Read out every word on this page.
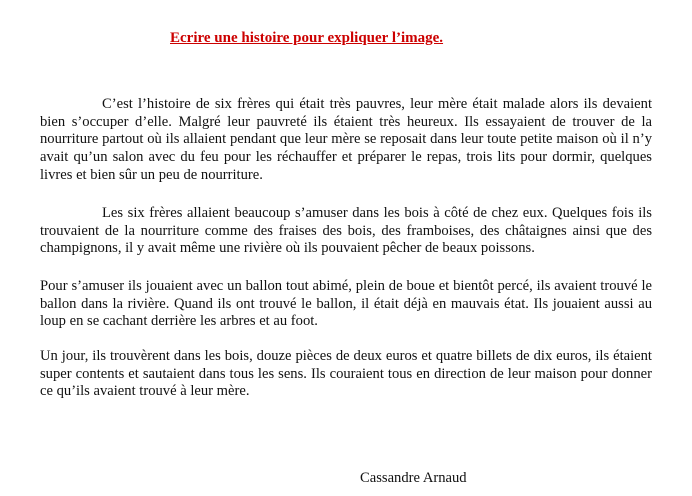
Ecrire une histoire pour expliquer l’image.

C’est l’histoire de six frères qui était très pauvres, leur mère était malade alors ils devaient bien s’occuper d’elle. Malgré leur pauvreté ils étaient très heureux. Ils essayaient de trouver de la nourriture partout où ils allaient pendant que leur mère se reposait dans leur toute petite maison où il n’y avait qu’un salon avec du feu pour les réchauffer et préparer le repas, trois lits pour dormir, quelques livres et bien sûr un peu de nourriture.

Les six frères allaient beaucoup s’amuser dans les bois à côté de chez eux. Quelques fois ils trouvaient de la nourriture comme des fraises des bois, des framboises, des châtaignes ainsi que des champignons, il y avait même une rivière où ils pouvaient pêcher de beaux poissons.

Pour s’amuser ils jouaient avec un ballon tout abimé, plein de boue et bientôt percé, ils avaient trouvé le ballon dans la rivière. Quand ils ont trouvé le ballon, il était déjà en mauvais état. Ils jouaient aussi au loup en se cachant derrière les arbres et au foot.

Un jour, ils trouvèrent dans les bois, douze pièces de deux euros et quatre billets de dix euros, ils étaient super contents et sautaient dans tous les sens. Ils couraient tous en direction de leur maison pour donner ce qu’ils avaient trouvé à leur mère.

Cassandre Arnaud
